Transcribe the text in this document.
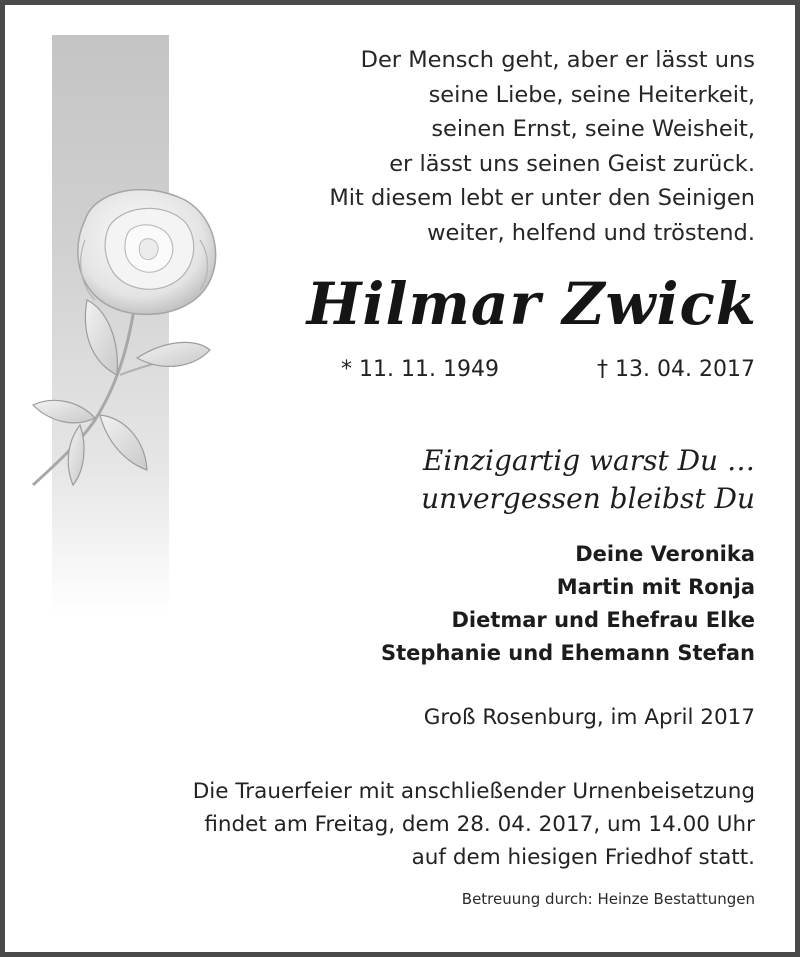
Der Mensch geht, aber er lässt uns
seine Liebe, seine Heiterkeit,
seinen Ernst, seine Weisheit,
er lässt uns seinen Geist zurück.
Mit diesem lebt er unter den Seinigen
weiter, helfend und tröstend.
Hilmar Zwick
* 11. 11. 1949	† 13. 04. 2017
Einzigartig warst Du …
unvergessen bleibst Du
Deine Veronika
Martin mit Ronja
Dietmar und Ehefrau Elke
Stephanie und Ehemann Stefan
Groß Rosenburg, im April 2017
Die Trauerfeier mit anschließender Urnenbeisetzung
findet am Freitag, dem 28. 04. 2017, um 14.00 Uhr
auf dem hiesigen Friedhof statt.
Betreuung durch: Heinze Bestattungen
